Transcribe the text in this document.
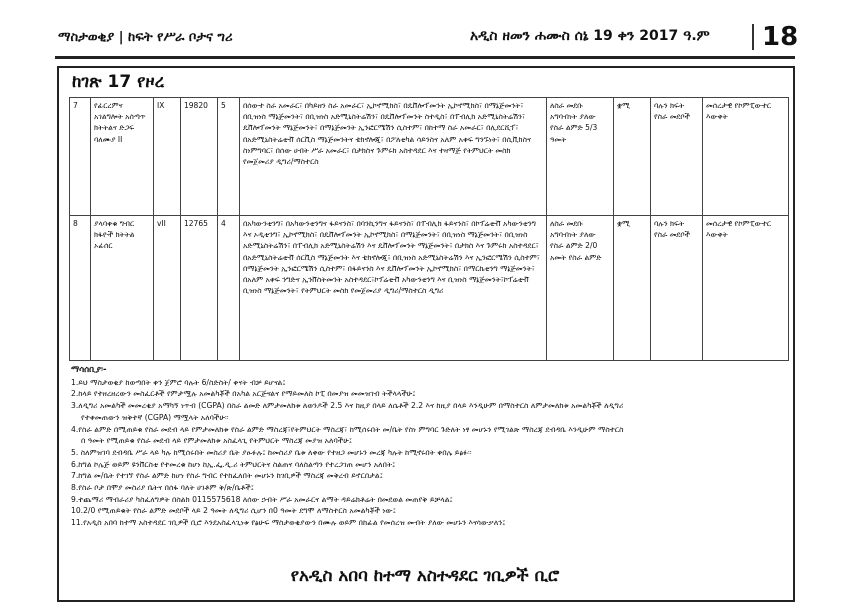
ማስታወቂያ | ከፍት የሥራ ቦታና ግሪ	አዲስ ዘመን ሐሙስ ሰኔ 19 ቀን 2017 ዓ.ም 18
ከገጽ 17 የዞረ
7	የፊርረምና አገልግሎት አሰጣጥ ክትትልና ድጋፍ ባለሙያ II	IX	19820	5	በሰውተ ስራ አመራር፣ በካይዘን ስራ አመራር፣ ኢኮኖሚክስ፣ በዴቨሎፕመንት ኢኮኖሚክስ፣ በማኔጅመንት፣ በቢዝነስ ማኔጅመንት፣ በቢዝነስ አድሚኒስትሬሽን፣ በዴቨሎፕመንት ስተዲስ፣ በፐብሊክ አድሚኒስትሬሽን፣ ዴቨሎፕመንት ማኔጅመንት፣ በማኔጅመንት ኢንፎርሜሽን ሲስተም፣ በከተማ ስራ አመራር፣ በሊደርሺፕ፣ በአድሚኒስትሬቲቭ ሰርቪስ ማኔጅመንትና ቴክኖሎጂ፣ በፖለቲካል ሳይንስና አለም አቀፍ ግንኙነት፣ በሲቪክስና ስነምግባር፣ በሰው ሀብት ሥራ አመራር፣ በታክስና ጉምሩክ አስተዳደር እና ተዛማጅ የትምህርት መስክ የመጀመሪያ ዲግሪ/ማስተርስ	ለስራ መደቡ አግባብነት ያለው የስራ ልምድ 5/3 ዓመት	ቋሚ	ባሉን ክፍት የስራ መደቦች	መሰረታዊ የኮምፒውተር እውቀት
8	ያላባቀቁ ግብር ክፋዮች ክትትል ኦፊሰር	vII	12765	4	በአካውንቲንግ፣ በአካውንቲንግና ፋይናንስ፣ በባንኪንግና ፋይናንስ፣ በፐብሊክ ፋይናንስ፣ በኮፕሬቲቭ አካውንቲንግ እና ኦዲቲንግ፣ ኢኮኖሚክስ፣ በዴቨሎፕመንት ኢኮኖሚክስ፣ በማኔጅመንት፣ በቢዝነስ ማኔጅመንት፣ በቢዝነስ አድሚኒስትሬሽን፣ በፐብሊክ አድሚኒስትሬሽን እና ዴቨሎፕመንት ማኔጅመንት፣ በታክስ እና ጉምሩክ አስተዳደር፣ በአድሚኒስትሬቲቭ ሰርቪስ ማኔጅመንት እና ቴክኖሎጂ፣ በቢዝነስ አድሚኒስትሬሽን እና ኢንፎርሜሽን ሲስተም፣ በማኔጅመንት ኢንፎርሜሽን ሲስተም፣ በፋይናንስ እና ዴቨሎፕመንት ኢኮኖሚክስ፣ በማርኬቲንግ ማኔጅመንት፣ በአለም አቀፍ ንግድና ኢንቨስትመንት አስተዳደር፣ኮፕሬቲቭ አካውንቲንግ እና ቢዝነስ ማኔጅመንት፣ኮፕሬቲቭ ቢዝነስ ማኔጅመንት፣ የትምህርት መስክ የመጀመሪያ ዲግሪ/ማስተርስ ዲግሪ	ለስራ መደቡ አግባብነት ያለው የስራ ልምድ 2/0 አመት የስራ ልምድ	ቋሚ	ባሉን ክፍት የስራ መደቦች	መሰረታዊ የኮምፒውተር እውቀት
ማሳሰቢያ፡-
1.ይህ ማስታወቂያ ከወጣበት ቀን ጀምሮ ባሉት 6/ስድስት/ ቀናት ብቻ ይሆናል፤
2.ከላይ የተዘረዘረውን መስፈርቶች የምታሟሉ አመልካቾች በአካል አርጅናልና የማይመለስ ኮፒ በመያዝ መመዝገብ ትችላላችሁ፤
3.ለዲግሪ አመልካች መመረቂያ አማካኝ ነጥብ (CGPA) በስራ ልመድ ለምታመለክቱ ለወንዶች 2.5 እና ከዚያ በላይ ለሴቶች 2.2 እና ከዚያ በላይ እንዲሁም በማስተርስ ለምታመለክቱ አመልካቾች ለዲግሪ
የተቀመጠውን ዝቅተኛ (CGPA) ማሟላት አለባችሁ፡፡
4.የስራ ልምድ በሚጠይቁ የስራ መደብ ላይ የምታመለክቱ የስራ ልምድ ማስረጃ፣የትምህርት ማስረጃ፣ ከሚሰሩበት መ/ቤት የስነ ምግባር ጉድለት ነፃ መሆኑን የሚገልጽ ማስረጃ ደብዳቤ እንዲሁም ማስተርስ
በ ዓመት የሚጠይቁ የስራ መደብ ላይ የምታመለክቱ አስፈላጊ የትምህርት ማስረጃ መያዝ አለባችሁ፤
5. ስለምዝገባ ደብዳቤ ሥራ ላይ ካሉ ከሚሰሩበት መስሪያ ቤት ያፁፉሉ፤ ከመስሪያ ቤቱ ለቀው የተዘጋ መሆኑን መረጃ ካሉት ከሚኖሩበት ቀበሌ ይፅፉ፡፡
6.ከግል ኮሌጅ ወይም ዩንቨርስቲ የተመረቁ ከሆነ ከኢ.ፌ.ዲ.ሪ ትምህርትና ስልጠና ባለስልጣን የተረጋገጠ መሆን አለበት፤
7.ከግል መ/ቤት የተገኘ የስራ ልምድ ከሆነ የስራ ግብር የተከፈለበት መሆኑን ከገቢዎች ማስረጃ መቅረብ ይኖርበታል፤
8.የስራ ቦታ በሞያ መስሪያ ቤትና በሰፋ ባለት ሀገቶም ቅ/ጽ/ቤቶች፤
9.ተጨማሪ ማብራሪያ ካስፈለግዎት በስልክ 0115575618 ለሰው ኃብት ሥራ አመራርና ልማት ዳይሬክቶሬት በመደወል መጠየቅ ይቻላል፤
10.2/0 የሚጠይቁት የስራ ልምድ መደቦች ላይ 2 ዓመት ለዲግሪ ሲሆን በ0 ዓመት ደግሞ ለማስተርስ አመልካቾች ነው፤
11.የአዲስ አበባ ከተማ አስተዳደር ገቢዎች ቢሮ እንደአስፈላጊነቱ የፅሁፍ ማስታወቂያውን በሙሉ ወይም በከፊል የመሰረዝ መብት ያለው መሆኑን እናሳውቃለን፤
የአዲስ አበባ ከተማ አስተዳደር ገቢዎች ቢሮ
